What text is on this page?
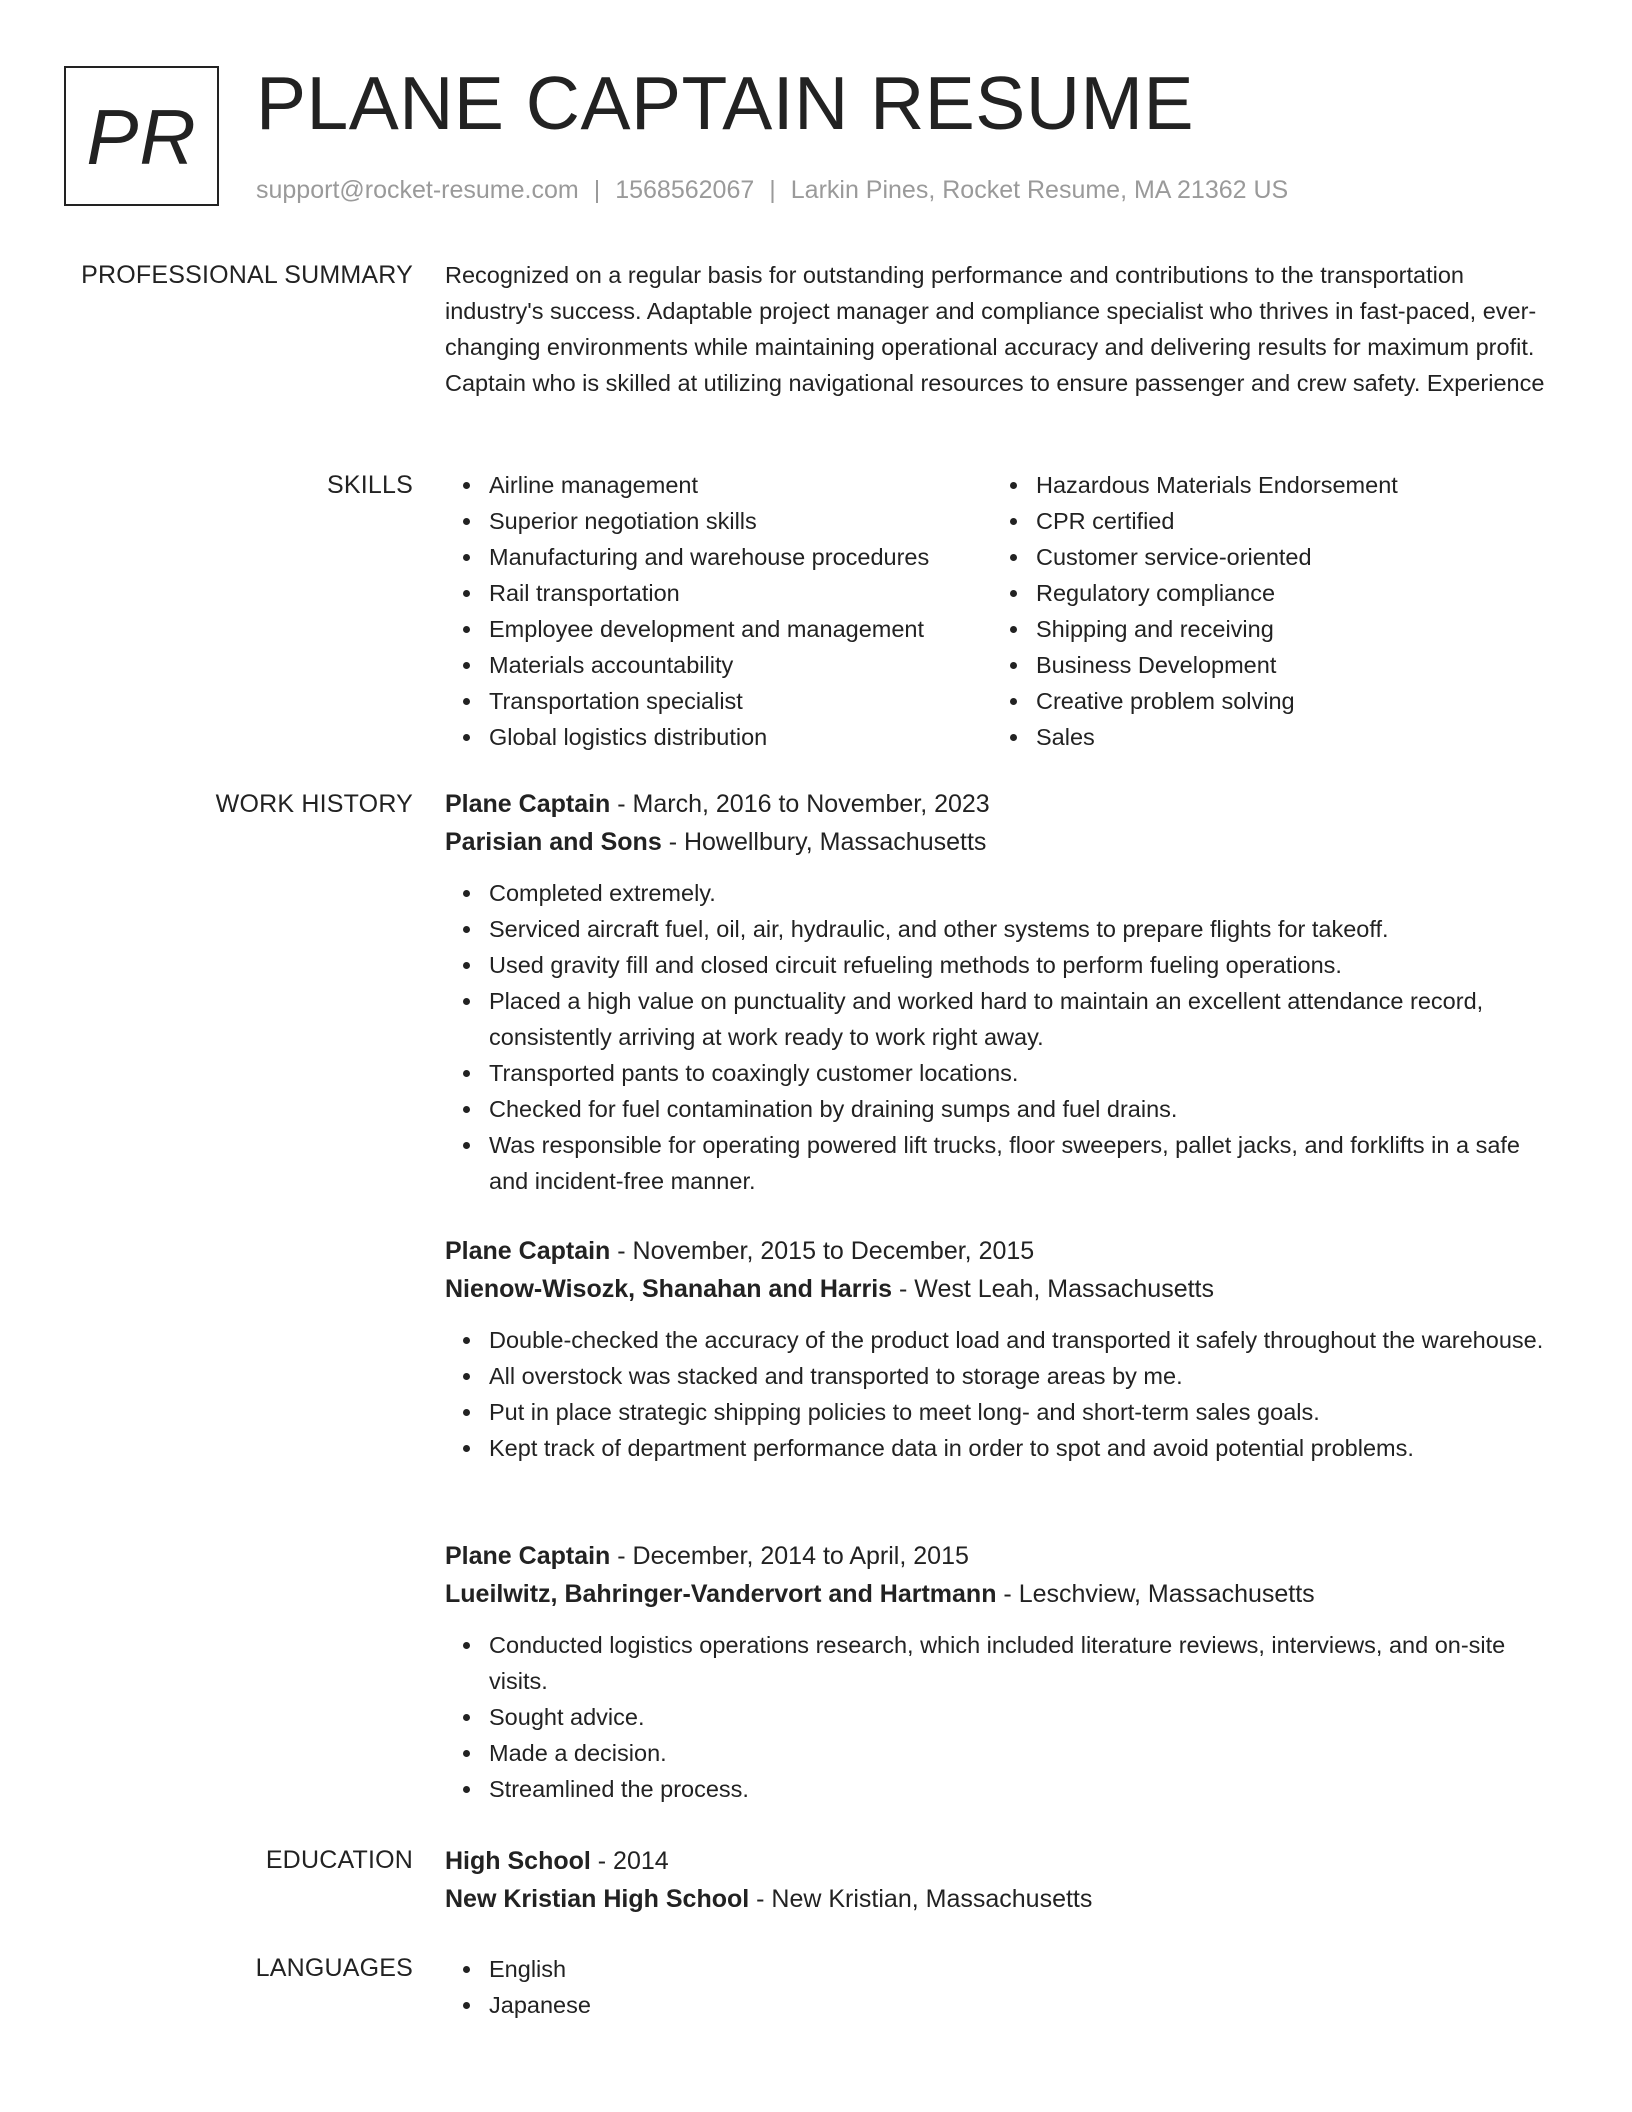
PR PLANE CAPTAIN RESUME
support@rocket-resume.com | 1568562067 | Larkin Pines, Rocket Resume, MA 21362 US
PROFESSIONAL SUMMARY Recognized on a regular basis for outstanding performance and contributions to the transportation industry's success. Adaptable project manager and compliance specialist who thrives in fast-paced, ever-changing environments while maintaining operational accuracy and delivering results for maximum profit. Captain who is skilled at utilizing navigational resources to ensure passenger and crew safety. Experience

SKILLS	Airline management
Superior negotiation skills
Manufacturing and warehouse procedures
Rail transportation
Employee development and management
Materials accountability
Transportation specialist
Global logistics distribution
Hazardous Materials Endorsement
CPR certified
Customer service-oriented
Regulatory compliance
Shipping and receiving
Business Development
Creative problem solving
Sales
WORK HISTORY Plane Captain - March, 2016 to November, 2023
Parisian and Sons - Howellbury, Massachusetts
Completed extremely.
Serviced aircraft fuel, oil, air, hydraulic, and other systems to prepare flights for takeoff.
Used gravity fill and closed circuit refueling methods to perform fueling operations.
Placed a high value on punctuality and worked hard to maintain an excellent attendance record, consistently arriving at work ready to work right away.
Transported pants to coaxingly customer locations.
Checked for fuel contamination by draining sumps and fuel drains.
Was responsible for operating powered lift trucks, floor sweepers, pallet jacks, and forklifts in a safe and incident-free manner.
Plane Captain - November, 2015 to December, 2015
Nienow-Wisozk, Shanahan and Harris - West Leah, Massachusetts
Double-checked the accuracy of the product load and transported it safely throughout the warehouse.
All overstock was stacked and transported to storage areas by me.
Put in place strategic shipping policies to meet long- and short-term sales goals.
Kept track of department performance data in order to spot and avoid potential problems.
Plane Captain - December, 2014 to April, 2015
Lueilwitz, Bahringer-Vandervort and Hartmann - Leschview, Massachusetts
Conducted logistics operations research, which included literature reviews, interviews, and on-site visits.
Sought advice.
Made a decision.
Streamlined the process.
EDUCATION High School - 2014
New Kristian High School - New Kristian, Massachusetts
LANGUAGES	English
Japanese
